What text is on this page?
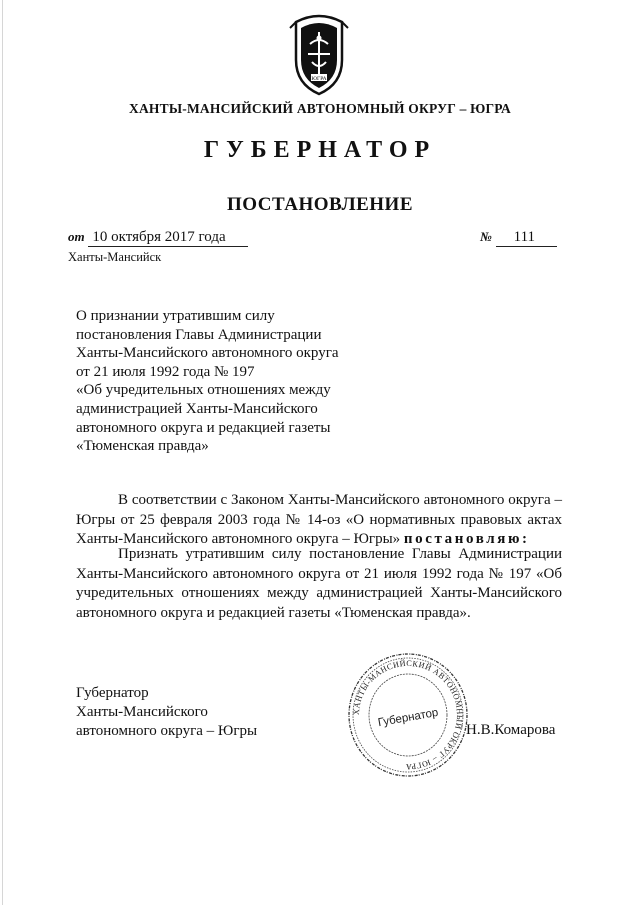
ЮГРА
ХАНТЫ-МАНСИЙСКИЙ АВТОНОМНЫЙ ОКРУГ – ЮГРА
ГУБЕРНАТОР
ПОСТАНОВЛЕНИЕ
от 10 октября 2017 года	№ 111
Ханты-Мансийск
О признании утратившим силу
постановления Главы Администрации
Ханты-Мансийского автономного округа
от 21 июля 1992 года № 197
«Об учредительных отношениях между
администрацией Ханты-Мансийского
автономного округа и редакцией газеты
«Тюменская правда»
В соответствии с Законом Ханты-Мансийского автономного округа – Югры от 25 февраля 2003 года № 14-оз «О нормативных правовых актах Ханты-Мансийского автономного округа – Югры» постановляю:
Признать утратившим силу постановление Главы Администрации Ханты-Мансийского автономного округа от 21 июля 1992 года № 197 «Об учредительных отношениях между администрацией Ханты-Мансийского автономного округа и редакцией газеты «Тюменская правда».
Губернатор
Ханты-Мансийского
автономного округа – Югры
ХАНТЫ-МАНСИЙСКИЙ АВТОНОМНЫЙ ОКРУГ – ЮГРА
Губернатор
Н.В.Комарова
